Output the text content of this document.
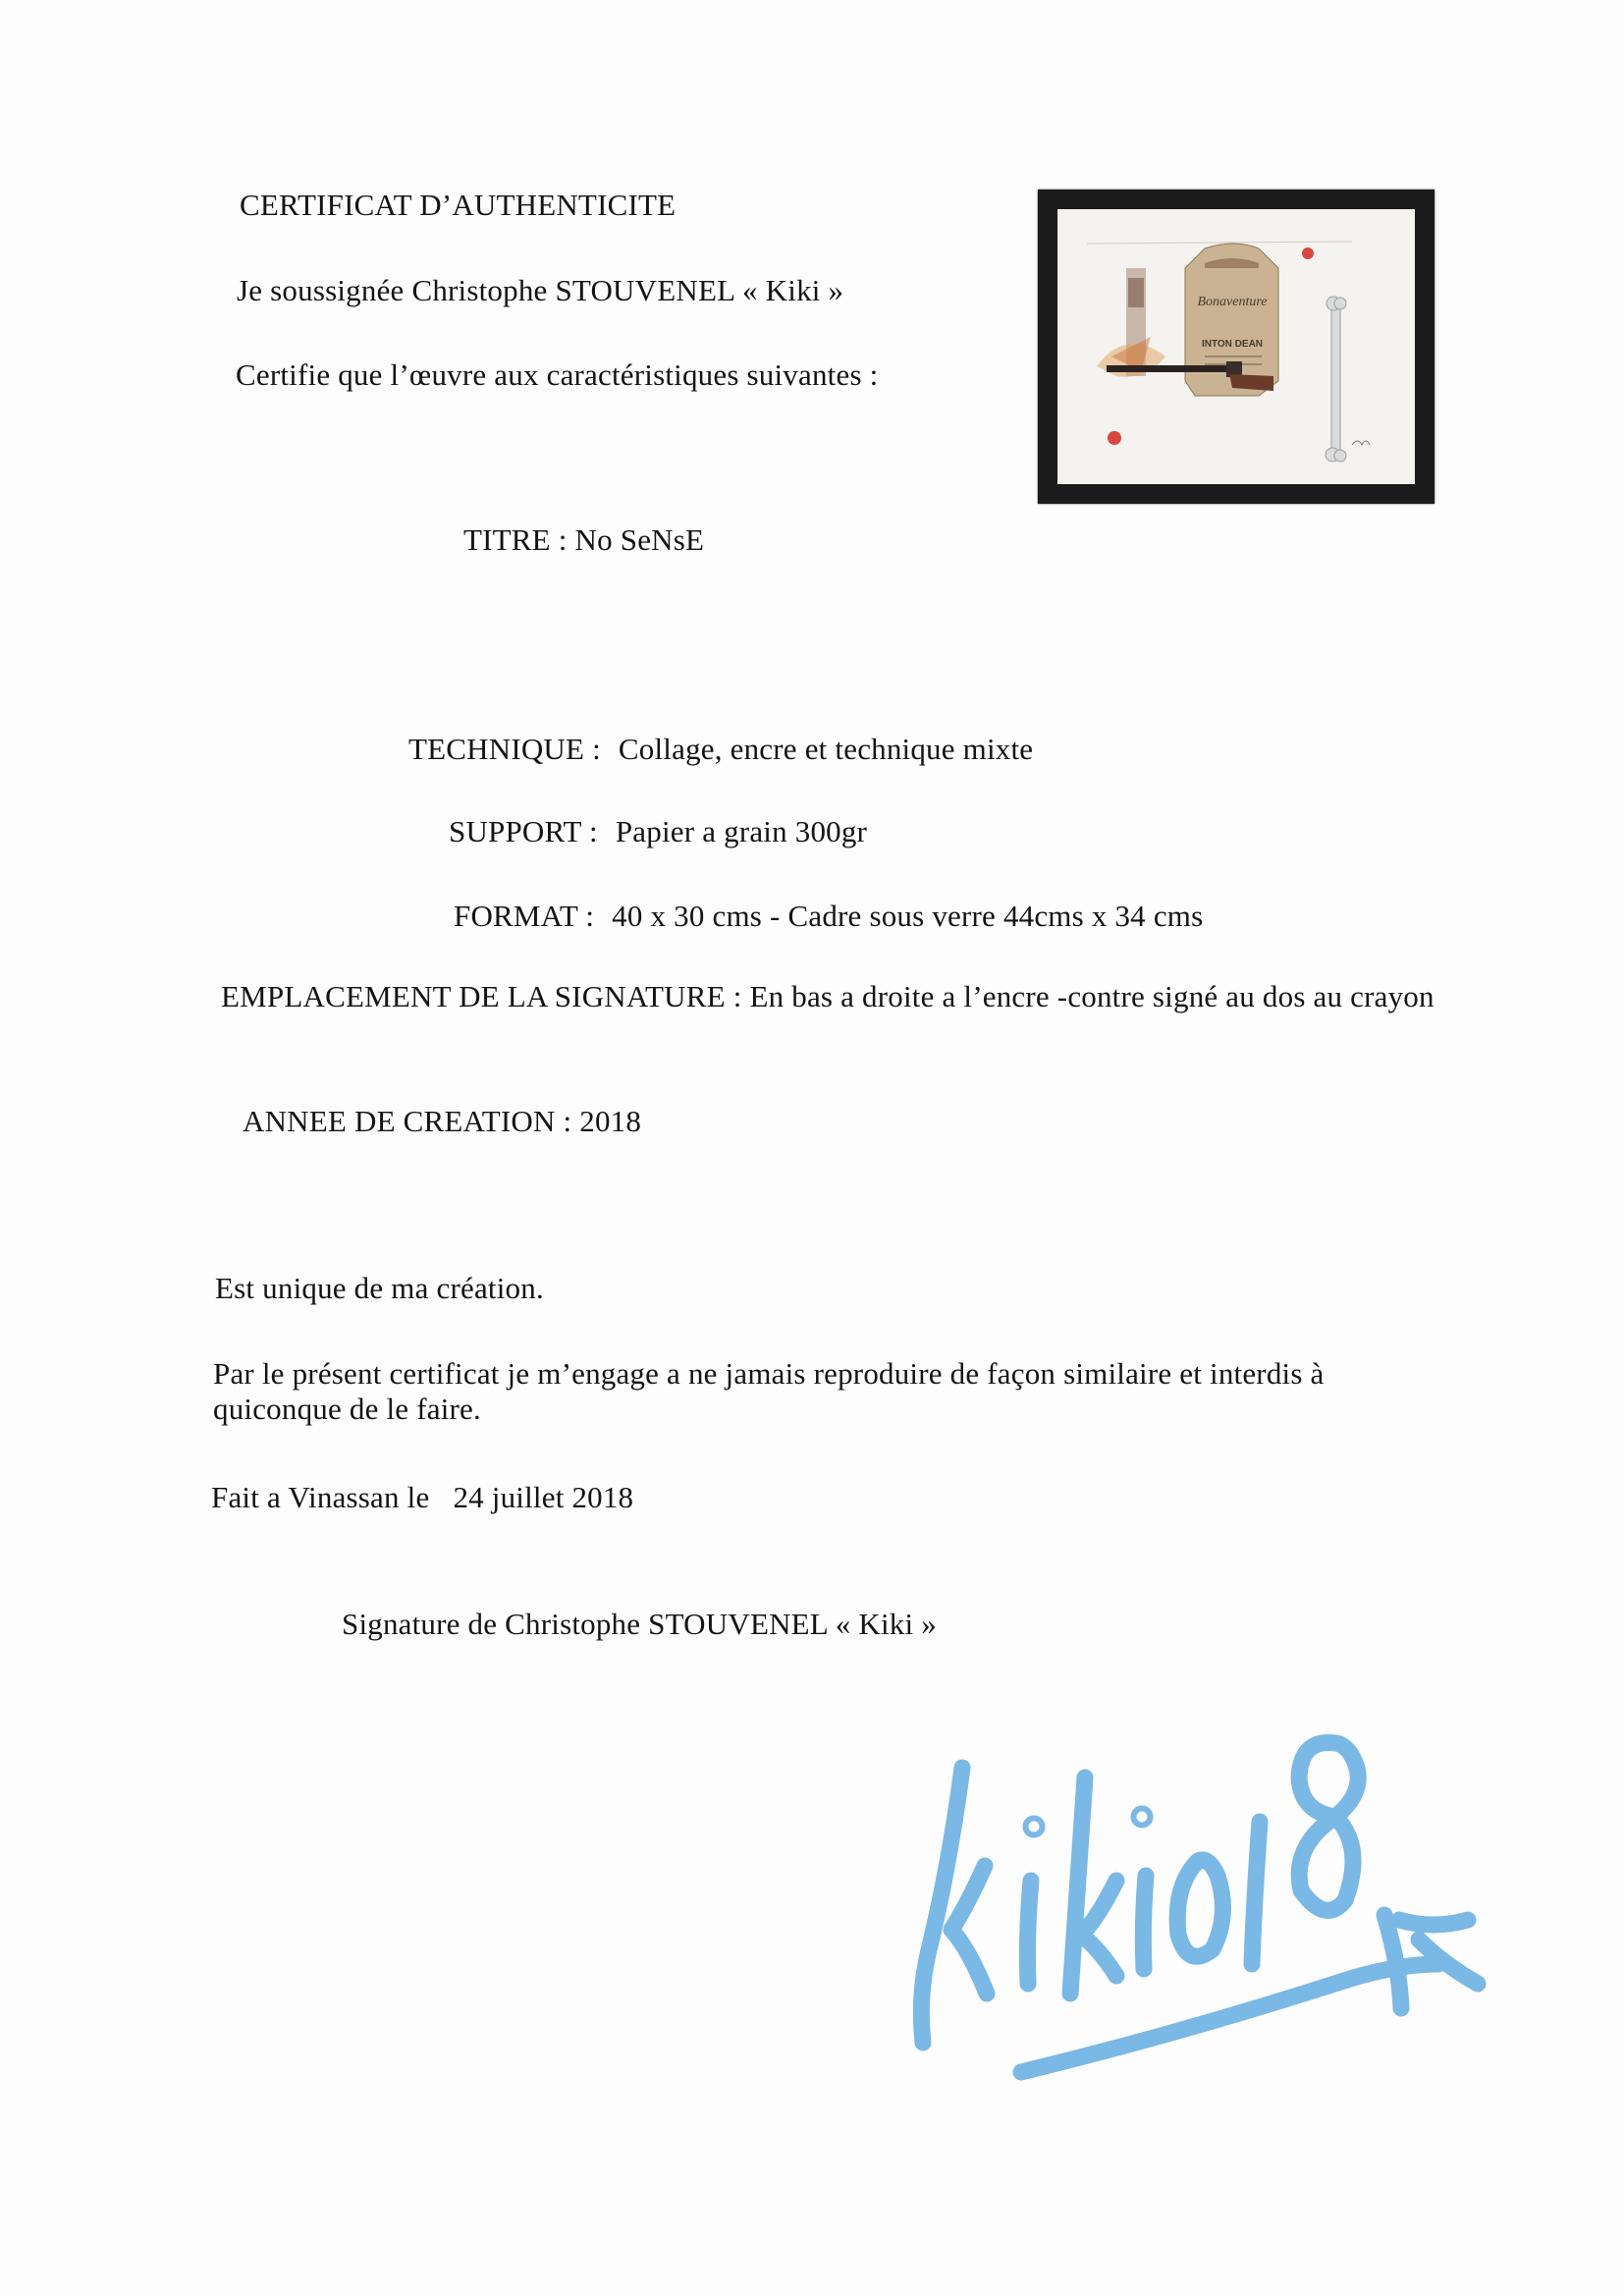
CERTIFICAT D’AUTHENTICITE
Je soussignée Christophe STOUVENEL « Kiki »
Certifie que l’œuvre aux caractéristiques suivantes :
Bonaventure
INTON DEAN
TITRE : No SeNsE
TECHNIQUE : Collage, encre et technique mixte
SUPPORT : Papier a grain 300gr
FORMAT : 40 x 30 cms - Cadre sous verre 44cms x 34 cms
EMPLACEMENT DE LA SIGNATURE : En bas a droite a l’encre -contre signé au dos au crayon
ANNEE DE CREATION : 2018
Est unique de ma création.
Par le présent certificat je m’engage a ne jamais reproduire de façon similaire et interdis à quiconque de le faire.
Fait a Vinassan le 24 juillet 2018
Signature de Christophe STOUVENEL « Kiki »
